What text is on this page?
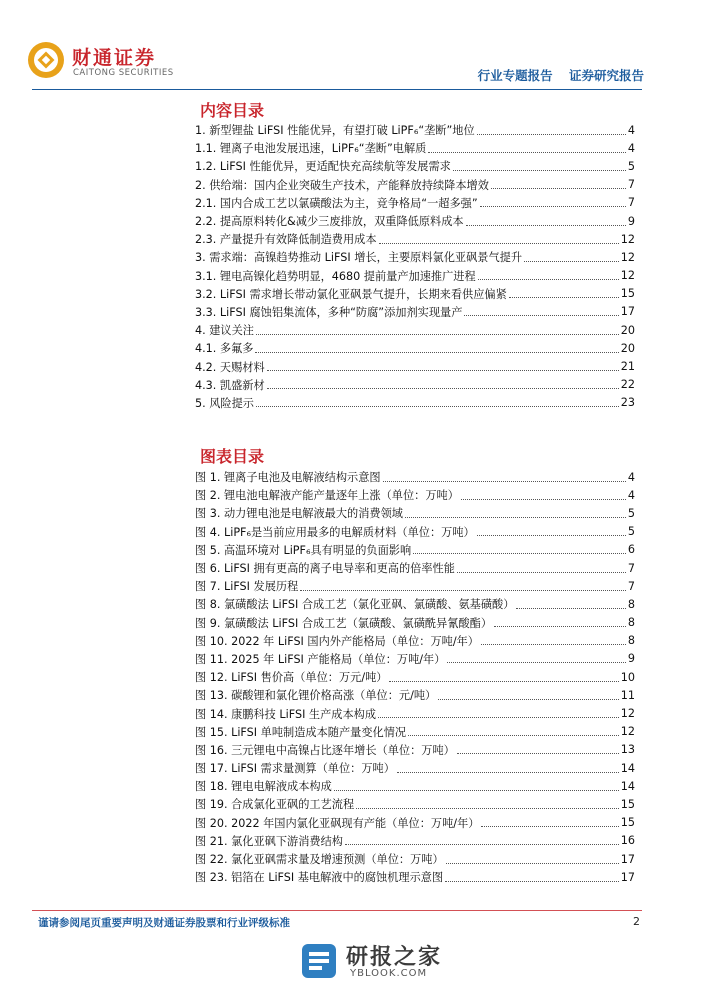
财通证券
CAITONG SECURITIES	行业专题报告 证券研究报告
内容目录
1. 新型锂盐 LiFSI 性能优异，有望打破 LiPF₆“垄断”地位	4
1.1. 锂离子电池发展迅速，LiPF₆“垄断”电解质	4
1.2. LiFSI 性能优异，更适配快充高续航等发展需求	5
2. 供给端：国内企业突破生产技术，产能释放持续降本增效	7
2.1. 国内合成工艺以氯磺酸法为主，竞争格局“一超多强”	7
2.2. 提高原料转化&减少三废排放，双重降低原料成本	9
2.3. 产量提升有效降低制造费用成本	12
3. 需求端：高镍趋势推动 LiFSI 增长，主要原料氯化亚砜景气提升	12
3.1. 锂电高镍化趋势明显，4680 提前量产加速推广进程	12
3.2. LiFSI 需求增长带动氯化亚砜景气提升，长期来看供应偏紧	15
3.3. LiFSI 腐蚀铝集流体，多种“防腐”添加剂实现量产	17
4. 建议关注	20
4.1. 多氟多	20
4.2. 天赐材料	21
4.3. 凯盛新材	22
5. 风险提示	23
图表目录
图 1. 锂离子电池及电解液结构示意图	4
图 2. 锂电池电解液产能产量逐年上涨（单位：万吨）	4
图 3. 动力锂电池是电解液最大的消费领域	5
图 4. LiPF₆是当前应用最多的电解质材料（单位：万吨）	5
图 5. 高温环境对 LiPF₆具有明显的负面影响	6
图 6. LiFSI 拥有更高的离子电导率和更高的倍率性能	7
图 7. LiFSI 发展历程	7
图 8. 氯磺酸法 LiFSI 合成工艺（氯化亚砜、氯磺酸、氨基磺酸）	8
图 9. 氯磺酸法 LiFSI 合成工艺（氯磺酸、氯磺酰异氰酸酯）	8
图 10. 2022 年 LiFSI 国内外产能格局（单位：万吨/年）	8
图 11. 2025 年 LiFSI 产能格局（单位：万吨/年）	9
图 12. LiFSI 售价高（单位：万元/吨）	10
图 13. 碳酸锂和氯化锂价格高涨（单位：元/吨）	11
图 14. 康鹏科技 LiFSI 生产成本构成	12
图 15. LiFSI 单吨制造成本随产量变化情况	12
图 16. 三元锂电中高镍占比逐年增长（单位：万吨）	13
图 17. LiFSI 需求量测算（单位：万吨）	14
图 18. 锂电电解液成本构成	14
图 19. 合成氯化亚砜的工艺流程	15
图 20. 2022 年国内氯化亚砜现有产能（单位：万吨/年）	15
图 21. 氯化亚砜下游消费结构	16
图 22. 氯化亚砜需求量及增速预测（单位：万吨）	17
图 23. 铝箔在 LiFSI 基电解液中的腐蚀机理示意图	17
谨请参阅尾页重要声明及财通证券股票和行业评级标准	2
研报之家
YBLOOK.COM
